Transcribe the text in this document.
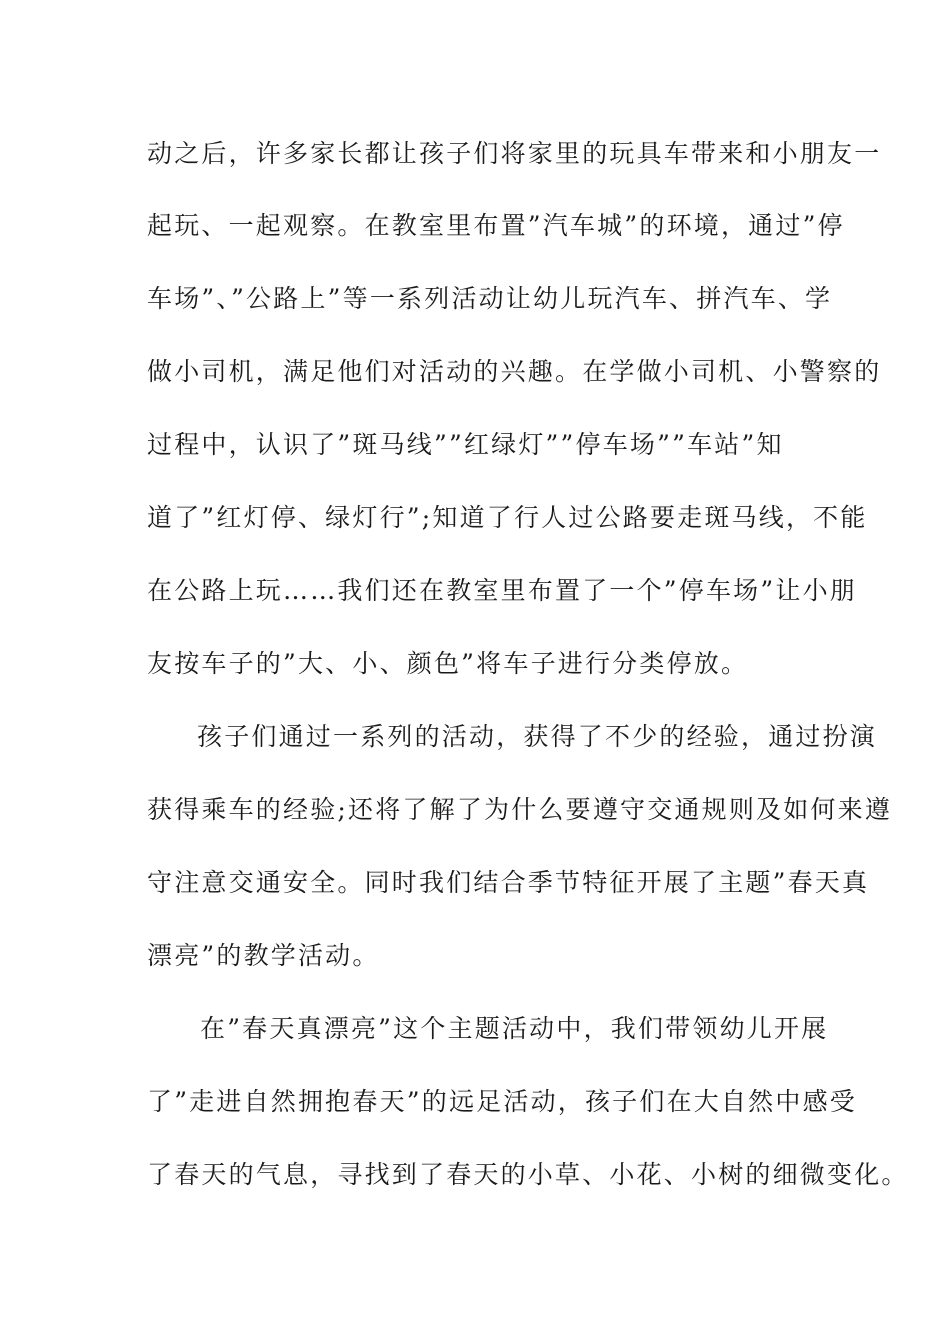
动之后，许多家长都让孩子们将家里的玩具车带来和小朋友一

起玩、一起观察。在教室里布置”汽车城”的环境，通过”停

车场”、”公路上”等一系列活动让幼儿玩汽车、拼汽车、学

做小司机，满足他们对活动的兴趣。在学做小司机、小警察的

过程中，认识了”斑马线””红绿灯””停车场””车站”知

道了”红灯停、绿灯行”;知道了行人过公路要走斑马线，不能

在公路上玩……我们还在教室里布置了一个”停车场”让小朋

友按车子的”大、小、颜色”将车子进行分类停放。

孩子们通过一系列的活动，获得了不少的经验，通过扮演

获得乘车的经验;还将了解了为什么要遵守交通规则及如何来遵

守注意交通安全。同时我们结合季节特征开展了主题”春天真

漂亮”的教学活动。

在”春天真漂亮”这个主题活动中，我们带领幼儿开展

了”走进自然拥抱春天”的远足活动，孩子们在大自然中感受

了春天的气息，寻找到了春天的小草、小花、小树的细微变化。
